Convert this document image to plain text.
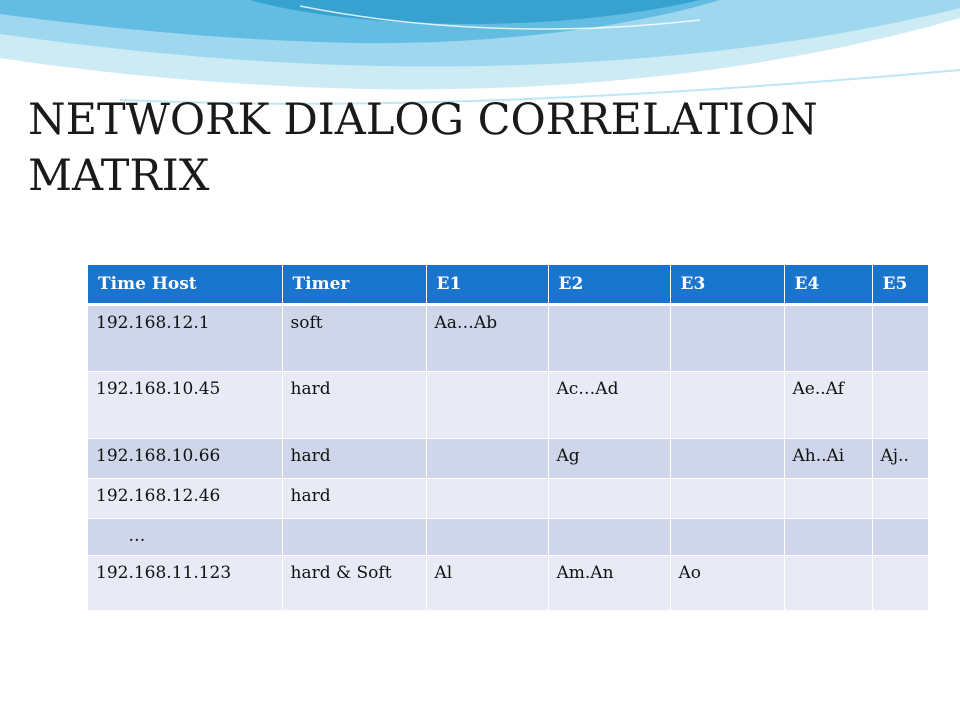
NETWORK DIALOG CORRELATION MATRIX
Time Host	Timer	E1	E2	E3	E4	E5
192.168.12.1	soft	Aa…Ab				
192.168.10.45	hard		Ac…Ad		Ae..Af	
192.168.10.66	hard		Ag		Ah..Ai	Aj..
192.168.12.46	hard					
…						
192.168.11.123	hard & Soft	Al	Am.An	Ao		
